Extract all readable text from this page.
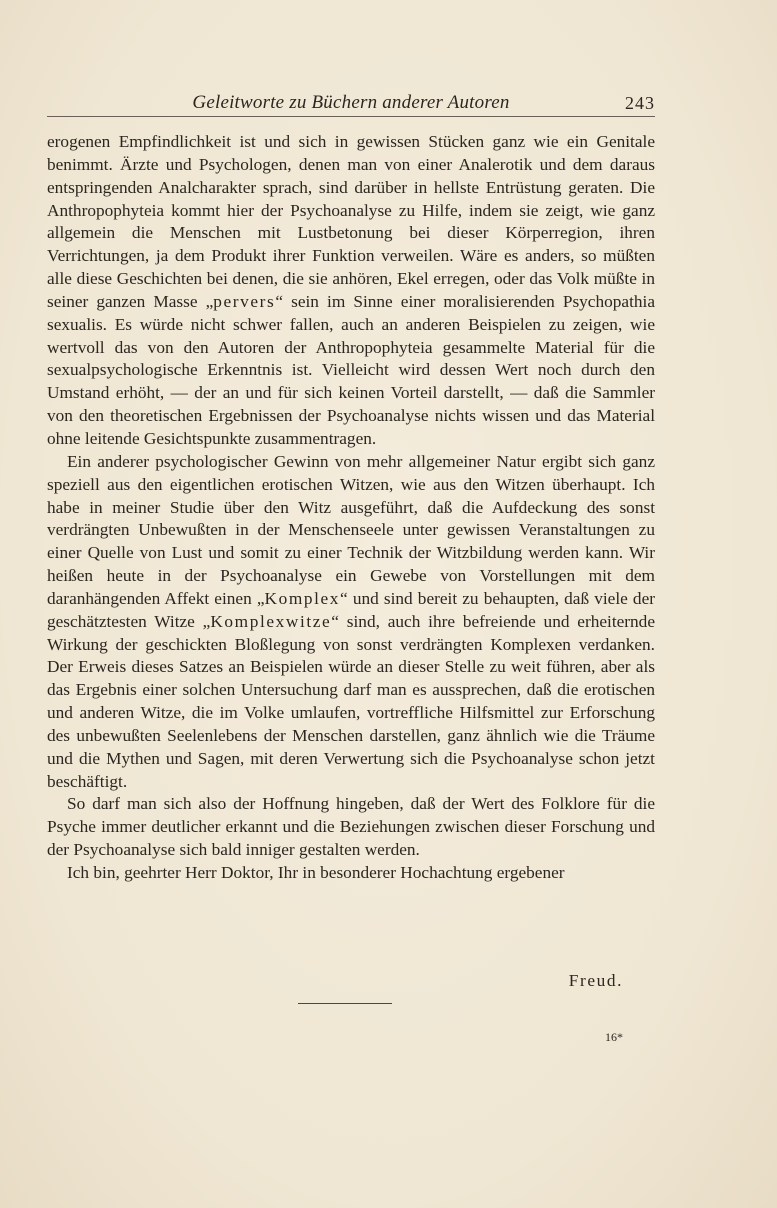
Geleitworte zu Büchern anderer Autoren	243

erogenen Empfindlichkeit ist und sich in gewissen Stücken ganz wie ein Genitale benimmt. Ärzte und Psychologen, denen man von einer Analerotik und dem daraus entspringenden Analcharakter sprach, sind darüber in hellste Entrüstung geraten. Die Anthropophyteia kommt hier der Psychoanalyse zu Hilfe, indem sie zeigt, wie ganz allgemein die Menschen mit Lustbetonung bei dieser Körperregion, ihren Verrichtungen, ja dem Produkt ihrer Funktion verweilen. Wäre es anders, so müßten alle diese Geschichten bei denen, die sie anhören, Ekel erregen, oder das Volk müßte in seiner ganzen Masse „pervers“ sein im Sinne einer moralisierenden Psychopathia sexualis. Es würde nicht schwer fallen, auch an anderen Beispielen zu zeigen, wie wertvoll das von den Autoren der Anthropophyteia gesammelte Material für die sexualpsychologische Erkenntnis ist. Vielleicht wird dessen Wert noch durch den Umstand erhöht, — der an und für sich keinen Vorteil darstellt, — daß die Sammler von den theoretischen Ergebnissen der Psychoanalyse nichts wissen und das Material ohne leitende Gesichtspunkte zusammentragen.

Ein anderer psychologischer Gewinn von mehr allgemeiner Natur ergibt sich ganz speziell aus den eigentlichen erotischen Witzen, wie aus den Witzen überhaupt. Ich habe in meiner Studie über den Witz ausgeführt, daß die Aufdeckung des sonst verdrängten Unbewußten in der Menschenseele unter gewissen Veranstaltungen zu einer Quelle von Lust und somit zu einer Technik der Witzbildung werden kann. Wir heißen heute in der Psychoanalyse ein Gewebe von Vorstellungen mit dem daranhängenden Affekt einen „Komplex“ und sind bereit zu behaupten, daß viele der geschätztesten Witze „Komplexwitze“ sind, auch ihre befreiende und erheiternde Wirkung der geschickten Bloßlegung von sonst verdrängten Komplexen verdanken. Der Erweis dieses Satzes an Beispielen würde an dieser Stelle zu weit führen, aber als das Ergebnis einer solchen Untersuchung darf man es aussprechen, daß die erotischen und anderen Witze, die im Volke umlaufen, vortreffliche Hilfsmittel zur Erforschung des unbewußten Seelenlebens der Menschen darstellen, ganz ähnlich wie die Träume und die Mythen und Sagen, mit deren Verwertung sich die Psychoanalyse schon jetzt beschäftigt.

So darf man sich also der Hoffnung hingeben, daß der Wert des Folklore für die Psyche immer deutlicher erkannt und die Beziehungen zwischen dieser Forschung und der Psychoanalyse sich bald inniger gestalten werden.

Ich bin, geehrter Herr Doktor, Ihr in besonderer Hochachtung ergebener

Freud.
16*
